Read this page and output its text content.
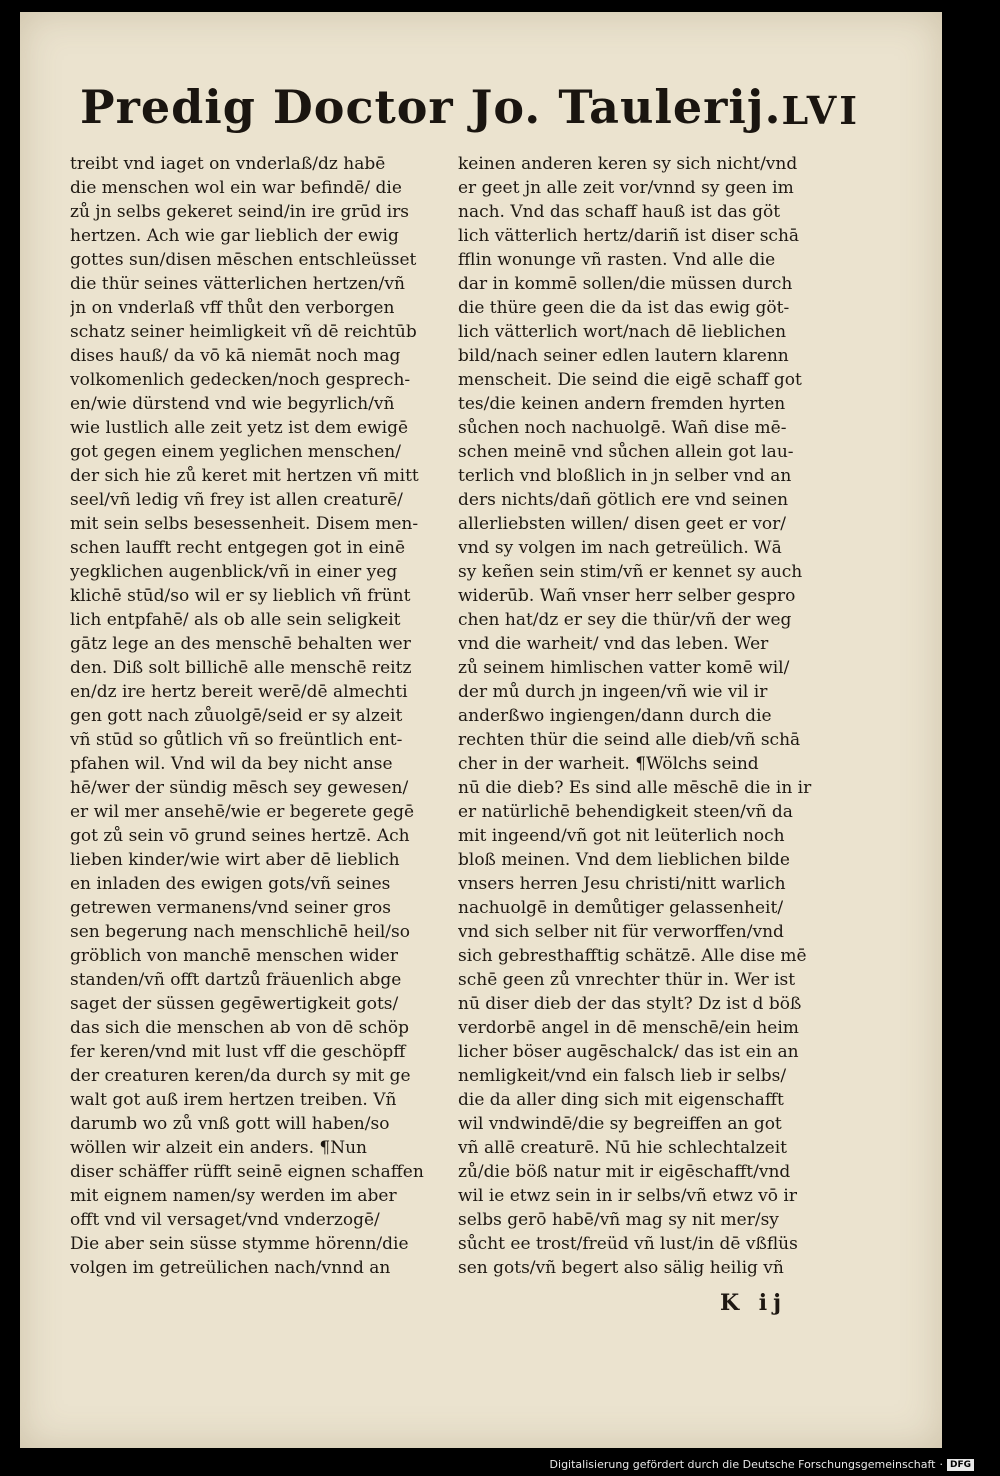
Predig Doctor Jo. Taulerij. LVI
treibt vnd iaget on vnderlaß/dz habē
die menschen wol ein war befindē/ die
zů jn selbs gekeret seind/in ire grūd irs
hertzen. Ach wie gar lieblich der ewig
gottes sun/disen mēschen entschleüsset
die thür seines vätterlichen hertzen/vñ
jn on vnderlaß vff thůt den verborgen
schatz seiner heimligkeit vñ dē reichtūb
dises hauß/ da vō kā niemāt noch mag
volkomenlich gedecken/noch gesprech-
en/wie dürstend vnd wie begyrlich/vñ
wie lustlich alle zeit yetz ist dem ewigē
got gegen einem yeglichen menschen/
der sich hie zů keret mit hertzen vñ mitt
seel/vñ ledig vñ frey ist allen creaturē/
mit sein selbs besessenheit. Disem men-
schen laufft recht entgegen got in einē
yegklichen augenblick/vñ in einer yeg
klichē stūd/so wil er sy lieblich vñ frünt
lich entpfahē/ als ob alle sein seligkeit
gātz lege an des menschē behalten wer
den. Diß solt billichē alle menschē reitz
en/dz ire hertz bereit werē/dē almechti
gen gott nach zůuolgē/seid er sy alzeit
vñ stūd so gůtlich vñ so freüntlich ent-
pfahen wil. Vnd wil da bey nicht anse
hē/wer der sündig mēsch sey gewesen/
er wil mer ansehē/wie er begerete gegē
got zů sein vō grund seines hertzē. Ach
lieben kinder/wie wirt aber dē lieblich
en inladen des ewigen gots/vñ seines
getrewen vermanens/vnd seiner gros
sen begerung nach menschlichē heil/so
gröblich von manchē menschen wider
standen/vñ offt dartzů fräuenlich abge
saget der süssen gegēwertigkeit gots/
das sich die menschen ab von dē schöp
fer keren/vnd mit lust vff die geschöpff
der creaturen keren/da durch sy mit ge
walt got auß irem hertzen treiben. Vñ
darumb wo zů vnß gott will haben/so
wöllen wir alzeit ein anders. ¶Nun
diser schäffer rüfft seinē eignen schaffen
mit eignem namen/sy werden im aber
offt vnd vil versaget/vnd vnderzogē/
Die aber sein süsse stymme hörenn/die
volgen im getreülichen nach/vnnd an
keinen anderen keren sy sich nicht/vnd
er geet jn alle zeit vor/vnnd sy geen im
nach. Vnd das schaff hauß ist das göt
lich vätterlich hertz/dariñ ist diser schā
fflin wonunge vñ rasten. Vnd alle die
dar in kommē sollen/die müssen durch
die thüre geen die da ist das ewig göt-
lich vätterlich wort/nach dē lieblichen
bild/nach seiner edlen lautern klarenn
menscheit. Die seind die eigē schaff got
tes/die keinen andern fremden hyrten
sůchen noch nachuolgē. Wañ dise mē-
schen meinē vnd sůchen allein got lau-
terlich vnd bloßlich in jn selber vnd an
ders nichts/dañ götlich ere vnd seinen
allerliebsten willen/ disen geet er vor/
vnd sy volgen im nach getreülich. Wā
sy keñen sein stim/vñ er kennet sy auch
widerūb. Wañ vnser herr selber gespro
chen hat/dz er sey die thür/vñ der weg
vnd die warheit/ vnd das leben. Wer
zů seinem himlischen vatter komē wil/
der mů durch jn ingeen/vñ wie vil ir
anderßwo ingiengen/dann durch die
rechten thür die seind alle dieb/vñ schā
cher in der warheit. ¶Wölchs seind
nū die dieb? Es sind alle mēschē die in ir
er natürlichē behendigkeit steen/vñ da
mit ingeend/vñ got nit leüterlich noch
bloß meinen. Vnd dem lieblichen bilde
vnsers herren Jesu christi/nitt warlich
nachuolgē in demůtiger gelassenheit/
vnd sich selber nit für verworffen/vnd
sich gebresthafftig schätzē. Alle dise mē
schē geen zů vnrechter thür in. Wer ist
nū diser dieb der das stylt? Dz ist d böß
verdorbē angel in dē menschē/ein heim
licher böser augēschalck/ das ist ein an
nemligkeit/vnd ein falsch lieb ir selbs/
die da aller ding sich mit eigenschafft
wil vndwindē/die sy begreiffen an got
vñ allē creaturē. Nū hie schlechtalzeit
zů/die böß natur mit ir eigēschafft/vnd
wil ie etwz sein in ir selbs/vñ etwz vō ir
selbs gerō habē/vñ mag sy nit mer/sy
sůcht ee trost/freüd vñ lust/in dē vßflüs
sen gots/vñ begert also sälig heilig vñ
K ij
Digitalisierung gefördert durch die Deutsche Forschungsgemeinschaft · DFG
